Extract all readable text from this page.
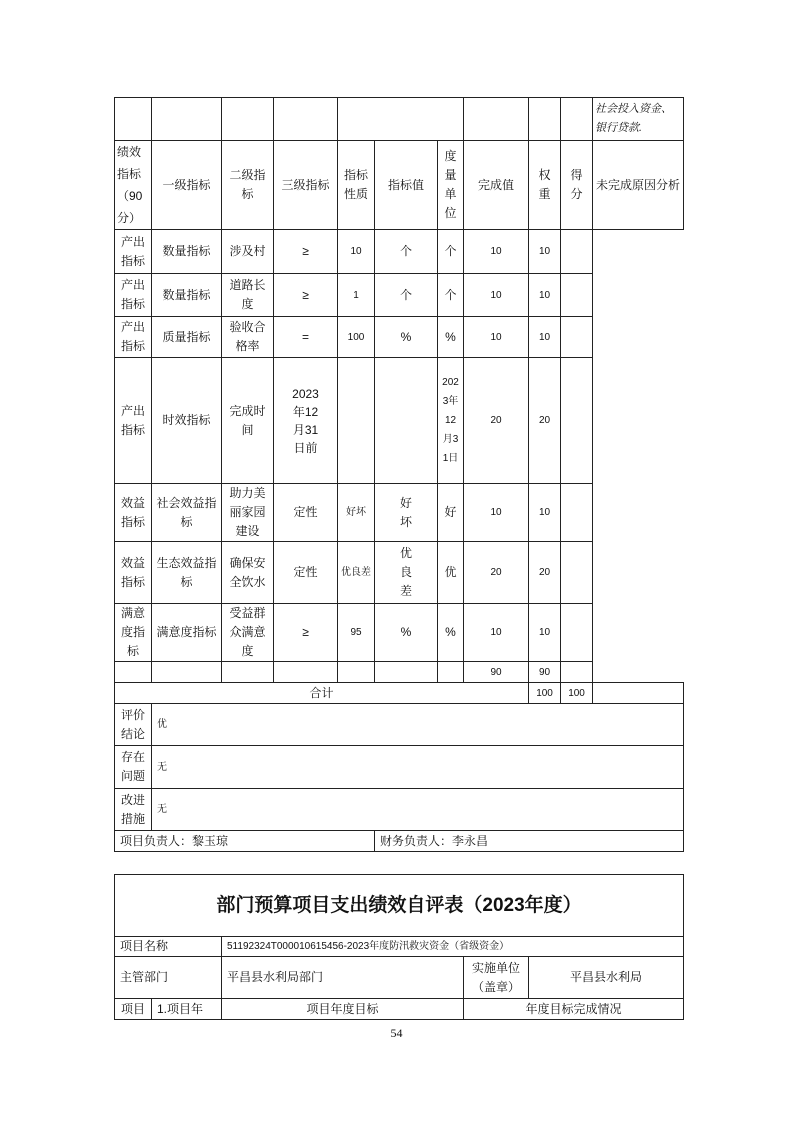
										社会投入资金、银行贷款.

绩效指标（90分）	一级指标	二级指标	三级指标	指标性质	指标值	度量单位	完成值	权重	得分	未完成原因分析
产出指标	数量指标	涉及村	≥	10	个	个	10	10		
产出指标	数量指标	道路长度	≥	1	个	个	10	10		
产出指标	质量指标	验收合格率	=	100	%	%	10	10		
产出指标	时效指标	完成时间	2023年12月31日前			2023年12月31日	20	20		
效益指标	社会效益指标	助力美丽家园建设	定性	好坏	好坏	好	10	10		
效益指标	生态效益指标	确保安全饮水	定性	优良差	优良差	优	20	20		
满意度指标	满意度指标	受益群众满意度	≥	95	%	%	10	10		
							90	90		
合计								100	100	
评价结论	优									
存在问题	无									
改进措施	无									
项目负责人：黎玉琼					财务负责人：李永昌					
部门预算项目支出绩效自评表（2023年度）				
项目名称		51192324T000010615456-2023年度防汛救灾资金（省级资金）		
主管部门		平昌县水利局部门	实施单位（盖章）	平昌县水利局
项目	1.项目年	项目年度目标	年度目标完成情况	
54
